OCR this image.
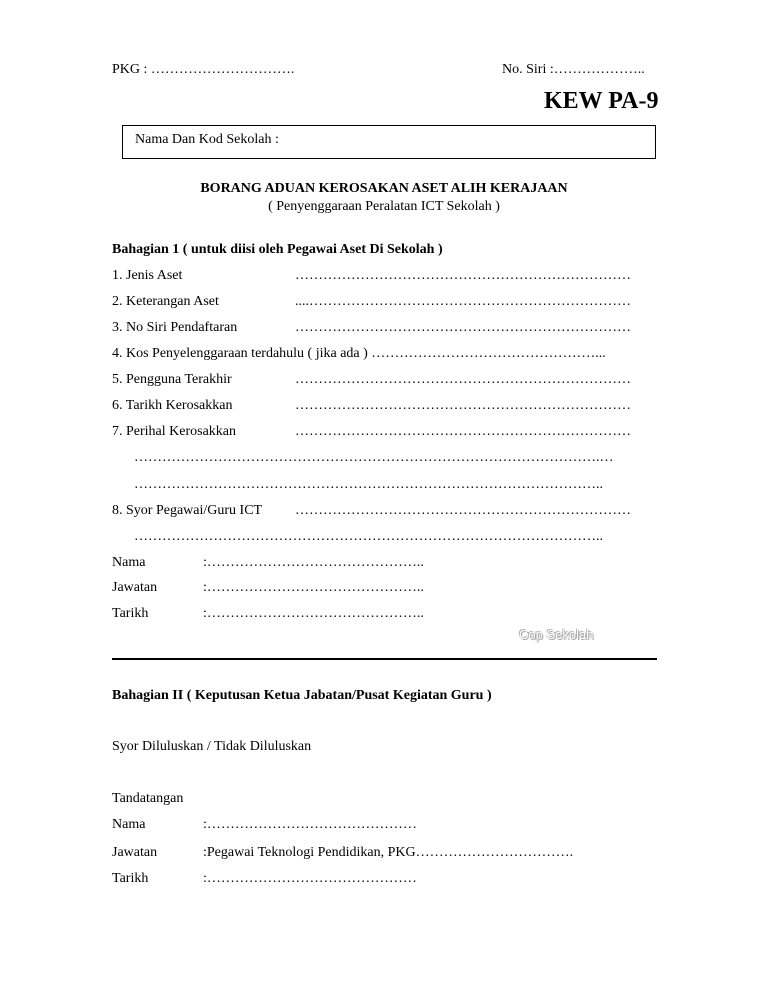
PKG : ………………………….	No. Siri :………………..
KEW PA-9
Nama Dan Kod Sekolah :
BORANG ADUAN KEROSAKAN ASET ALIH KERAJAAN
( Penyenggaraan Peralatan ICT Sekolah )
Bahagian 1 ( untuk diisi oleh Pegawai Aset Di Sekolah )
1. Jenis Aset	………………………………………………………………
2. Keterangan Aset	....……………………………………………………………
3. No Siri Pendaftaran	………………………………………………………………
4. Kos Penyelenggaraan terdahulu ( jika ada ) …………………………………………...
5. Pengguna Terakhir	………………………………………………………………
6. Tarikh Kerosakkan	………………………………………………………………
7. Perihal Kerosakkan	………………………………………………………………
……………………………………………………………………………………….…
………………………………………………………………………………………..
8. Syor Pegawai/Guru ICT ………………………………………………………………
………………………………………………………………………………………..
Nama	:………………………………………..
Jawatan	:………………………………………..
Tarikh	:………………………………………..
Cop Sekolah
Bahagian II ( Keputusan Ketua Jabatan/Pusat Kegiatan Guru )
Syor Diluluskan / Tidak Diluluskan
Tandatangan
Nama	:………………………………………
Jawatan	:Pegawai Teknologi Pendidikan, PKG…………………………….
Tarikh	:………………………………………
